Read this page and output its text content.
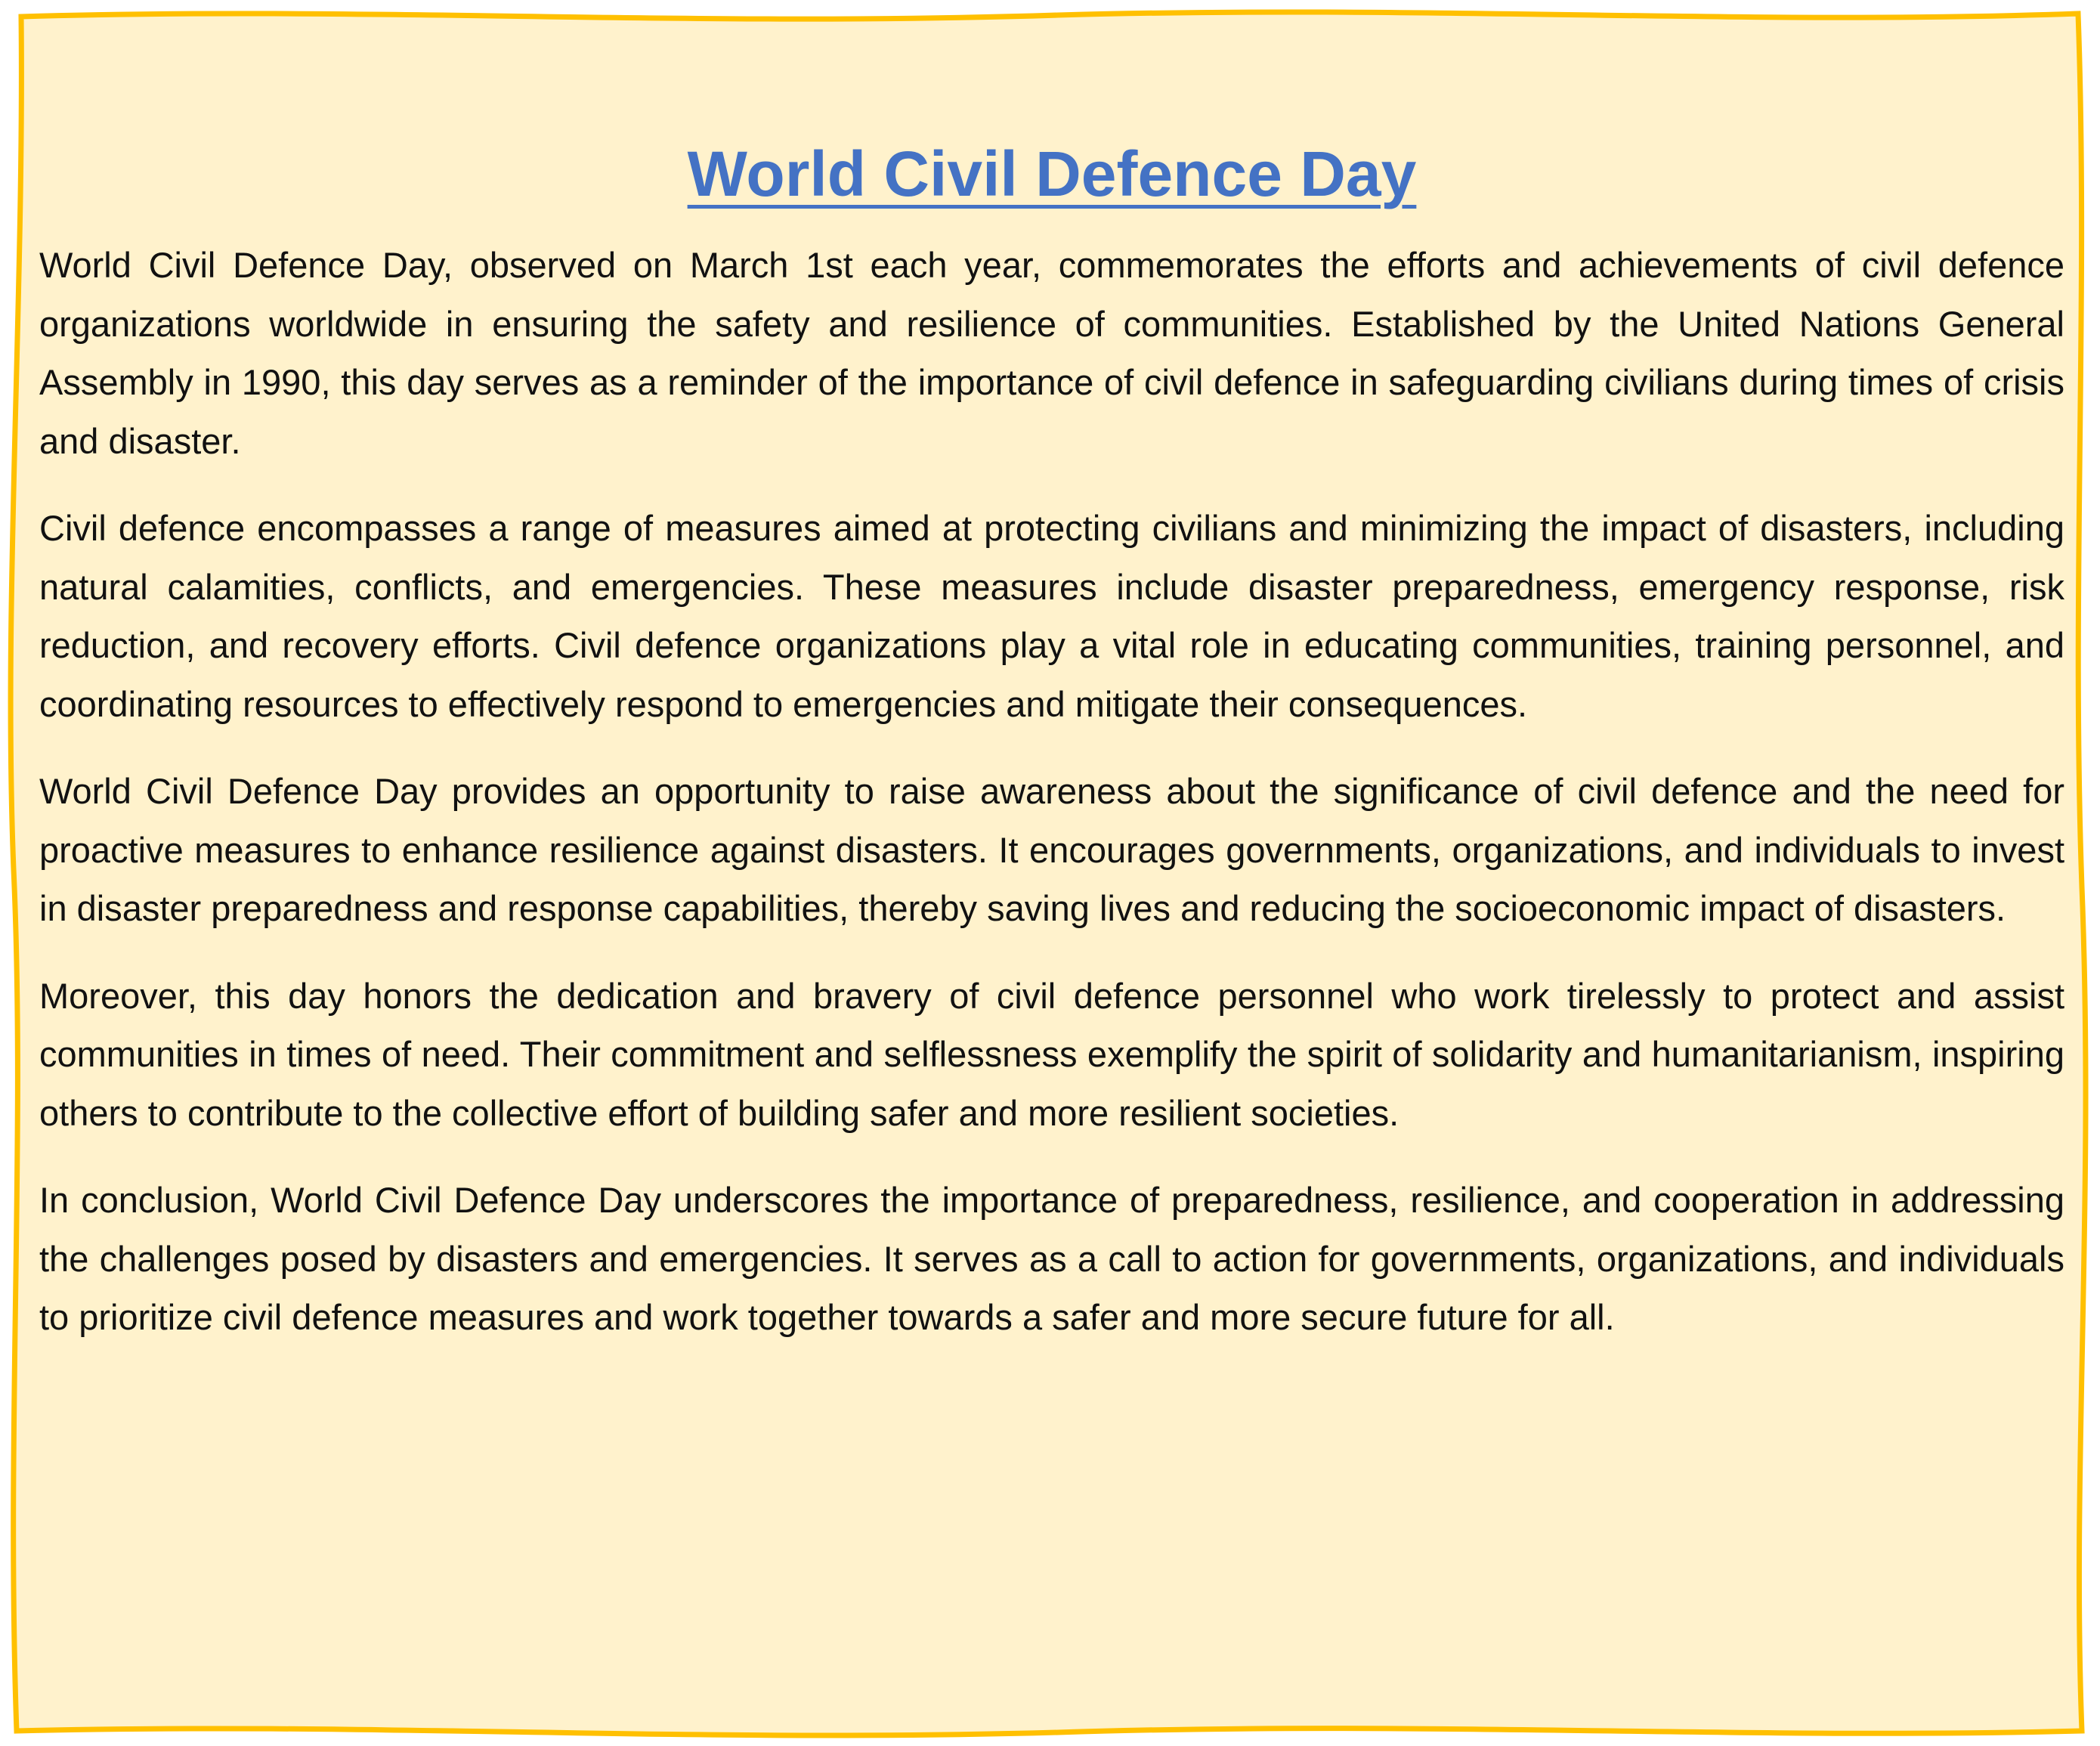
World Civil Defence Day

World Civil Defence Day, observed on March 1st each year, commemorates the efforts and achievements of civil defence organizations worldwide in ensuring the safety and resilience of communities. Established by the United Nations General Assembly in 1990, this day serves as a reminder of the importance of civil defence in safeguarding civilians during times of crisis and disaster.

Civil defence encompasses a range of measures aimed at protecting civilians and minimizing the impact of disasters, including natural calamities, conflicts, and emergencies. These measures include disaster preparedness, emergency response, risk reduction, and recovery efforts. Civil defence organizations play a vital role in educating communities, training personnel, and coordinating resources to effectively respond to emergencies and mitigate their consequences.

World Civil Defence Day provides an opportunity to raise awareness about the significance of civil defence and the need for proactive measures to enhance resilience against disasters. It encourages governments, organizations, and individuals to invest in disaster preparedness and response capabilities, thereby saving lives and reducing the socioeconomic impact of disasters.

Moreover, this day honors the dedication and bravery of civil defence personnel who work tirelessly to protect and assist communities in times of need. Their commitment and selflessness exemplify the spirit of solidarity and humanitarianism, inspiring others to contribute to the collective effort of building safer and more resilient societies.

In conclusion, World Civil Defence Day underscores the importance of preparedness, resilience, and cooperation in addressing the challenges posed by disasters and emergencies. It serves as a call to action for governments, organizations, and individuals to prioritize civil defence measures and work together towards a safer and more secure future for all.
